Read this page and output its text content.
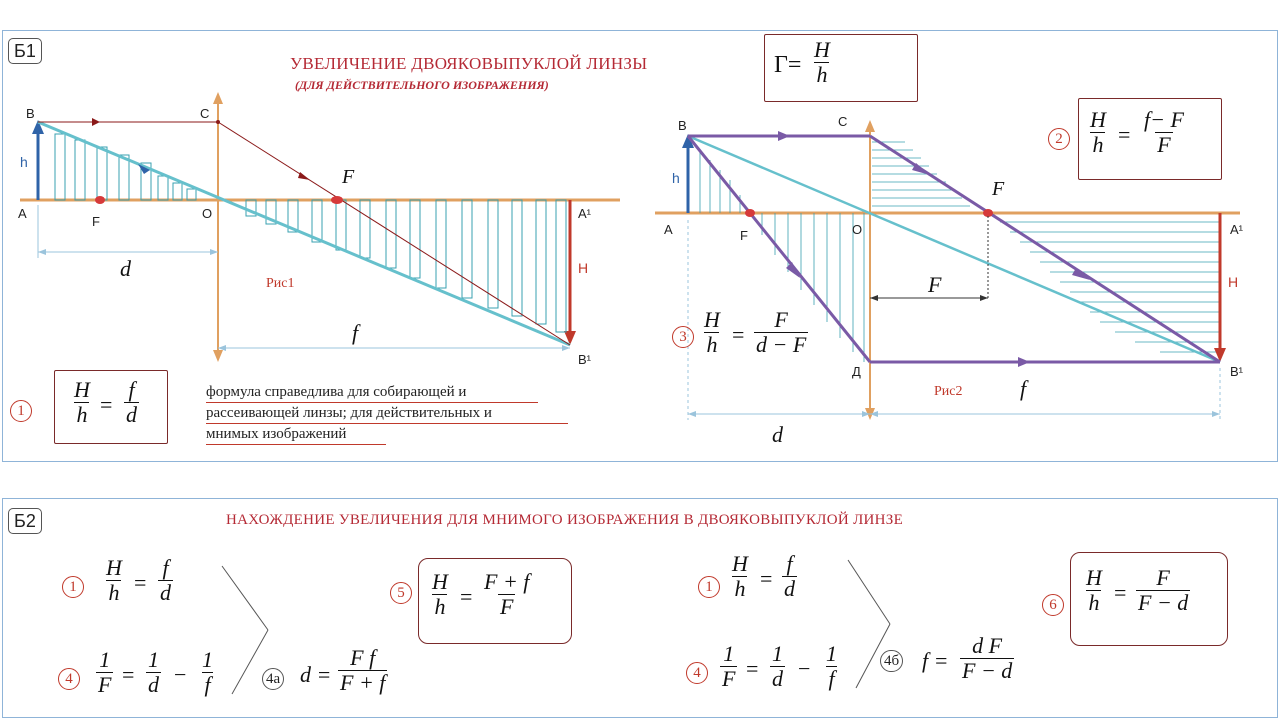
Б1
УВЕЛИЧЕНИЕ ДВОЯКОВЫПУКЛОЙ ЛИНЗЫ
(ДЛЯ ДЕЙСТВИТЕЛЬНОГО ИЗОБРАЖЕНИЯ)
$Г= \frac{H}{h}$
B	C
A
F
O
F
A¹
B¹
h
H
d
f
Рис1
1	$\frac{H}{h} = \frac{f}{d}$	формула справедлива для собирающей и
рассеивающей линзы; для действительных и
мнимых изображений
B	C
A	F	O
F
A¹
B¹
Д
h
H
F
f
d
Рис2
2	$\frac{H}{h} = \frac{f- F}{F}$
$3 \frac{H}{h} = \frac{F}{d - F}$
Б2	НАХОЖДЕНИЕ УВЕЛИЧЕНИЯ ДЛЯ МНИМОГО ИЗОБРАЖЕНИЯ В ДВОЯКОВЫПУКЛОЙ ЛИНЗЕ
1	$\frac{H}{h} = \frac{f}{d}$
4	$\frac{1}{F} = \frac{1}{d} - \frac{1}{f}$	4а $d = \frac{\text{F f}}{F + f}$
5	$\frac{H}{h} = \frac{F + f}{F}$	$1 \frac{H}{h} = \frac{f}{d}$
$4 \frac{1}{F} = \frac{1}{d} - \frac{1}{f}$	4б $f = \frac{\text{d F}}{F - d}$
6	$\frac{H}{h} = \frac{F}{F - d}$
